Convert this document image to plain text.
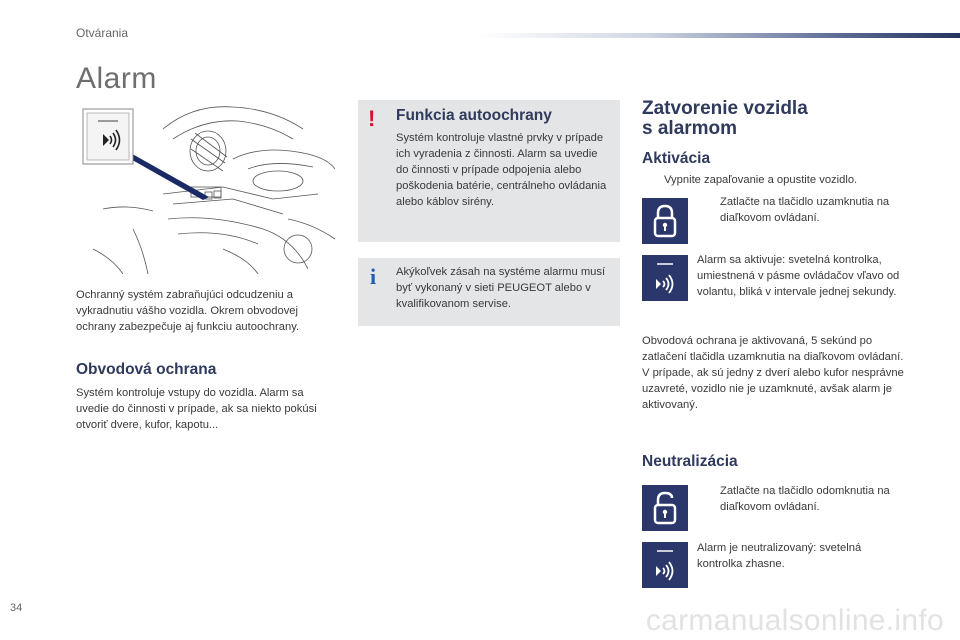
Otvárania
Alarm
Ochranný systém zabraňujúci odcudzeniu a vykradnutiu vášho vozidla. Okrem obvodovej ochrany zabezpečuje aj funkciu autoochrany.
Obvodová ochrana
Systém kontroluje vstupy do vozidla. Alarm sa uvedie do činnosti v prípade, ak sa niekto pokúsi otvoriť dvere, kufor, kapotu...
! Funkcia autoochrany
Systém kontroluje vlastné prvky v prípade ich vyradenia z činnosti. Alarm sa uvedie do činnosti v prípade odpojenia alebo poškodenia batérie, centrálneho ovládania alebo káblov sirény.
i Akýkoľvek zásah na systéme alarmu musí byť vykonaný v sieti PEUGEOT alebo v kvalifikovanom servise.
Zatvorenie vozidla
s alarmom
Aktivácia
Vypnite zapaľovanie a opustite vozidlo.
Zatlačte na tlačidlo uzamknutia na diaľkovom ovládaní.
Alarm sa aktivuje: svetelná kontrolka, umiestnená v pásme ovládačov vľavo od volantu, bliká v intervale jednej sekundy.
Obvodová ochrana je aktivovaná, 5 sekúnd po zatlačení tlačidla uzamknutia na diaľkovom ovládaní.
V prípade, ak sú jedny z dverí alebo kufor nesprávne uzavreté, vozidlo nie je uzamknuté, avšak alarm je aktivovaný.
Neutralizácia
Zatlačte na tlačidlo odomknutia na diaľkovom ovládaní.
Alarm je neutralizovaný: svetelná kontrolka zhasne.
34	carmanualsonline.info
